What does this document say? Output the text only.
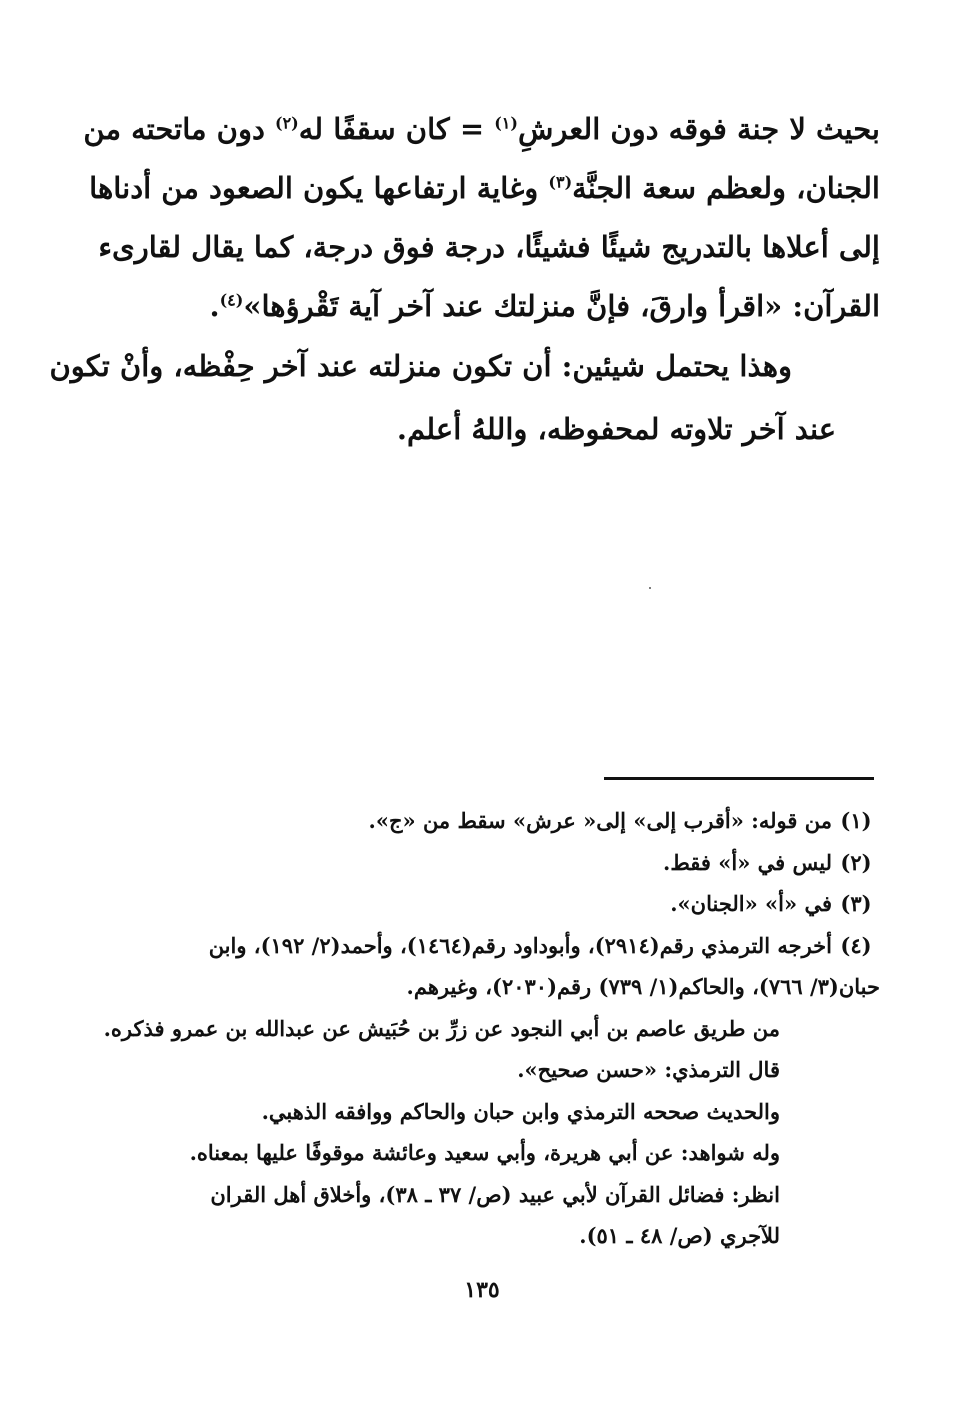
بحيث لا جنة فوقه دون العرشِ$^{(١)}$ = كان سقفًا له$^{(٢)}$ دون ماتحته من
الجنان، ولعظم سعة الجنَّة$^{(٣)}$ وغاية ارتفاعها يكون الصعود من أدناها
إلى أعلاها بالتدريج شيئًا فشيئًا، درجة فوق درجة، كما يقال لقارىء
القرآن: «اقرأ وارقَ، فإنَّ منزلتك عند آخر آية تَقْرؤها»$^{(٤)}$.
وهذا يحتمل شيئين: أن تكون منزلته عند آخر حِفْظه، وأنْ تكون
عند آخر تلاوته لمحفوظه، واللهُ أعلم.
(١)
من قوله: «أقرب إلى» إلى« عرش» سقط من «ج».
(٢)
ليس في «أ» فقط.
(٣)
في «أ» «الجنان».
(٤)
أخرجه الترمذي رقم(٢٩١٤)، وأبوداود رقم(١٤٦٤)، وأحمد(٢/ ١٩٢)، وابن
حبان(٣/ ٧٦٦)، والحاكم(١/ ٧٣٩) رقم(٢٠٣٠)، وغيرهم.
من طريق عاصم بن أبي النجود عن زرِّ بن حُبَيش عن عبدالله بن عمرو فذكره.
قال الترمذي: «حسن صحيح».
والحديث صححه الترمذي وابن حبان والحاكم ووافقه الذهبي.
وله شواهد: عن أبي هريرة، وأبي سعيد وعائشة موقوفًا عليها بمعناه.
انظر: فضائل القرآن لأبي عبيد (ص/ ٣٧ ـ ٣٨)، وأخلاق أهل القران
للآجري (ص/ ٤٨ ـ ٥١).
١٣٥
